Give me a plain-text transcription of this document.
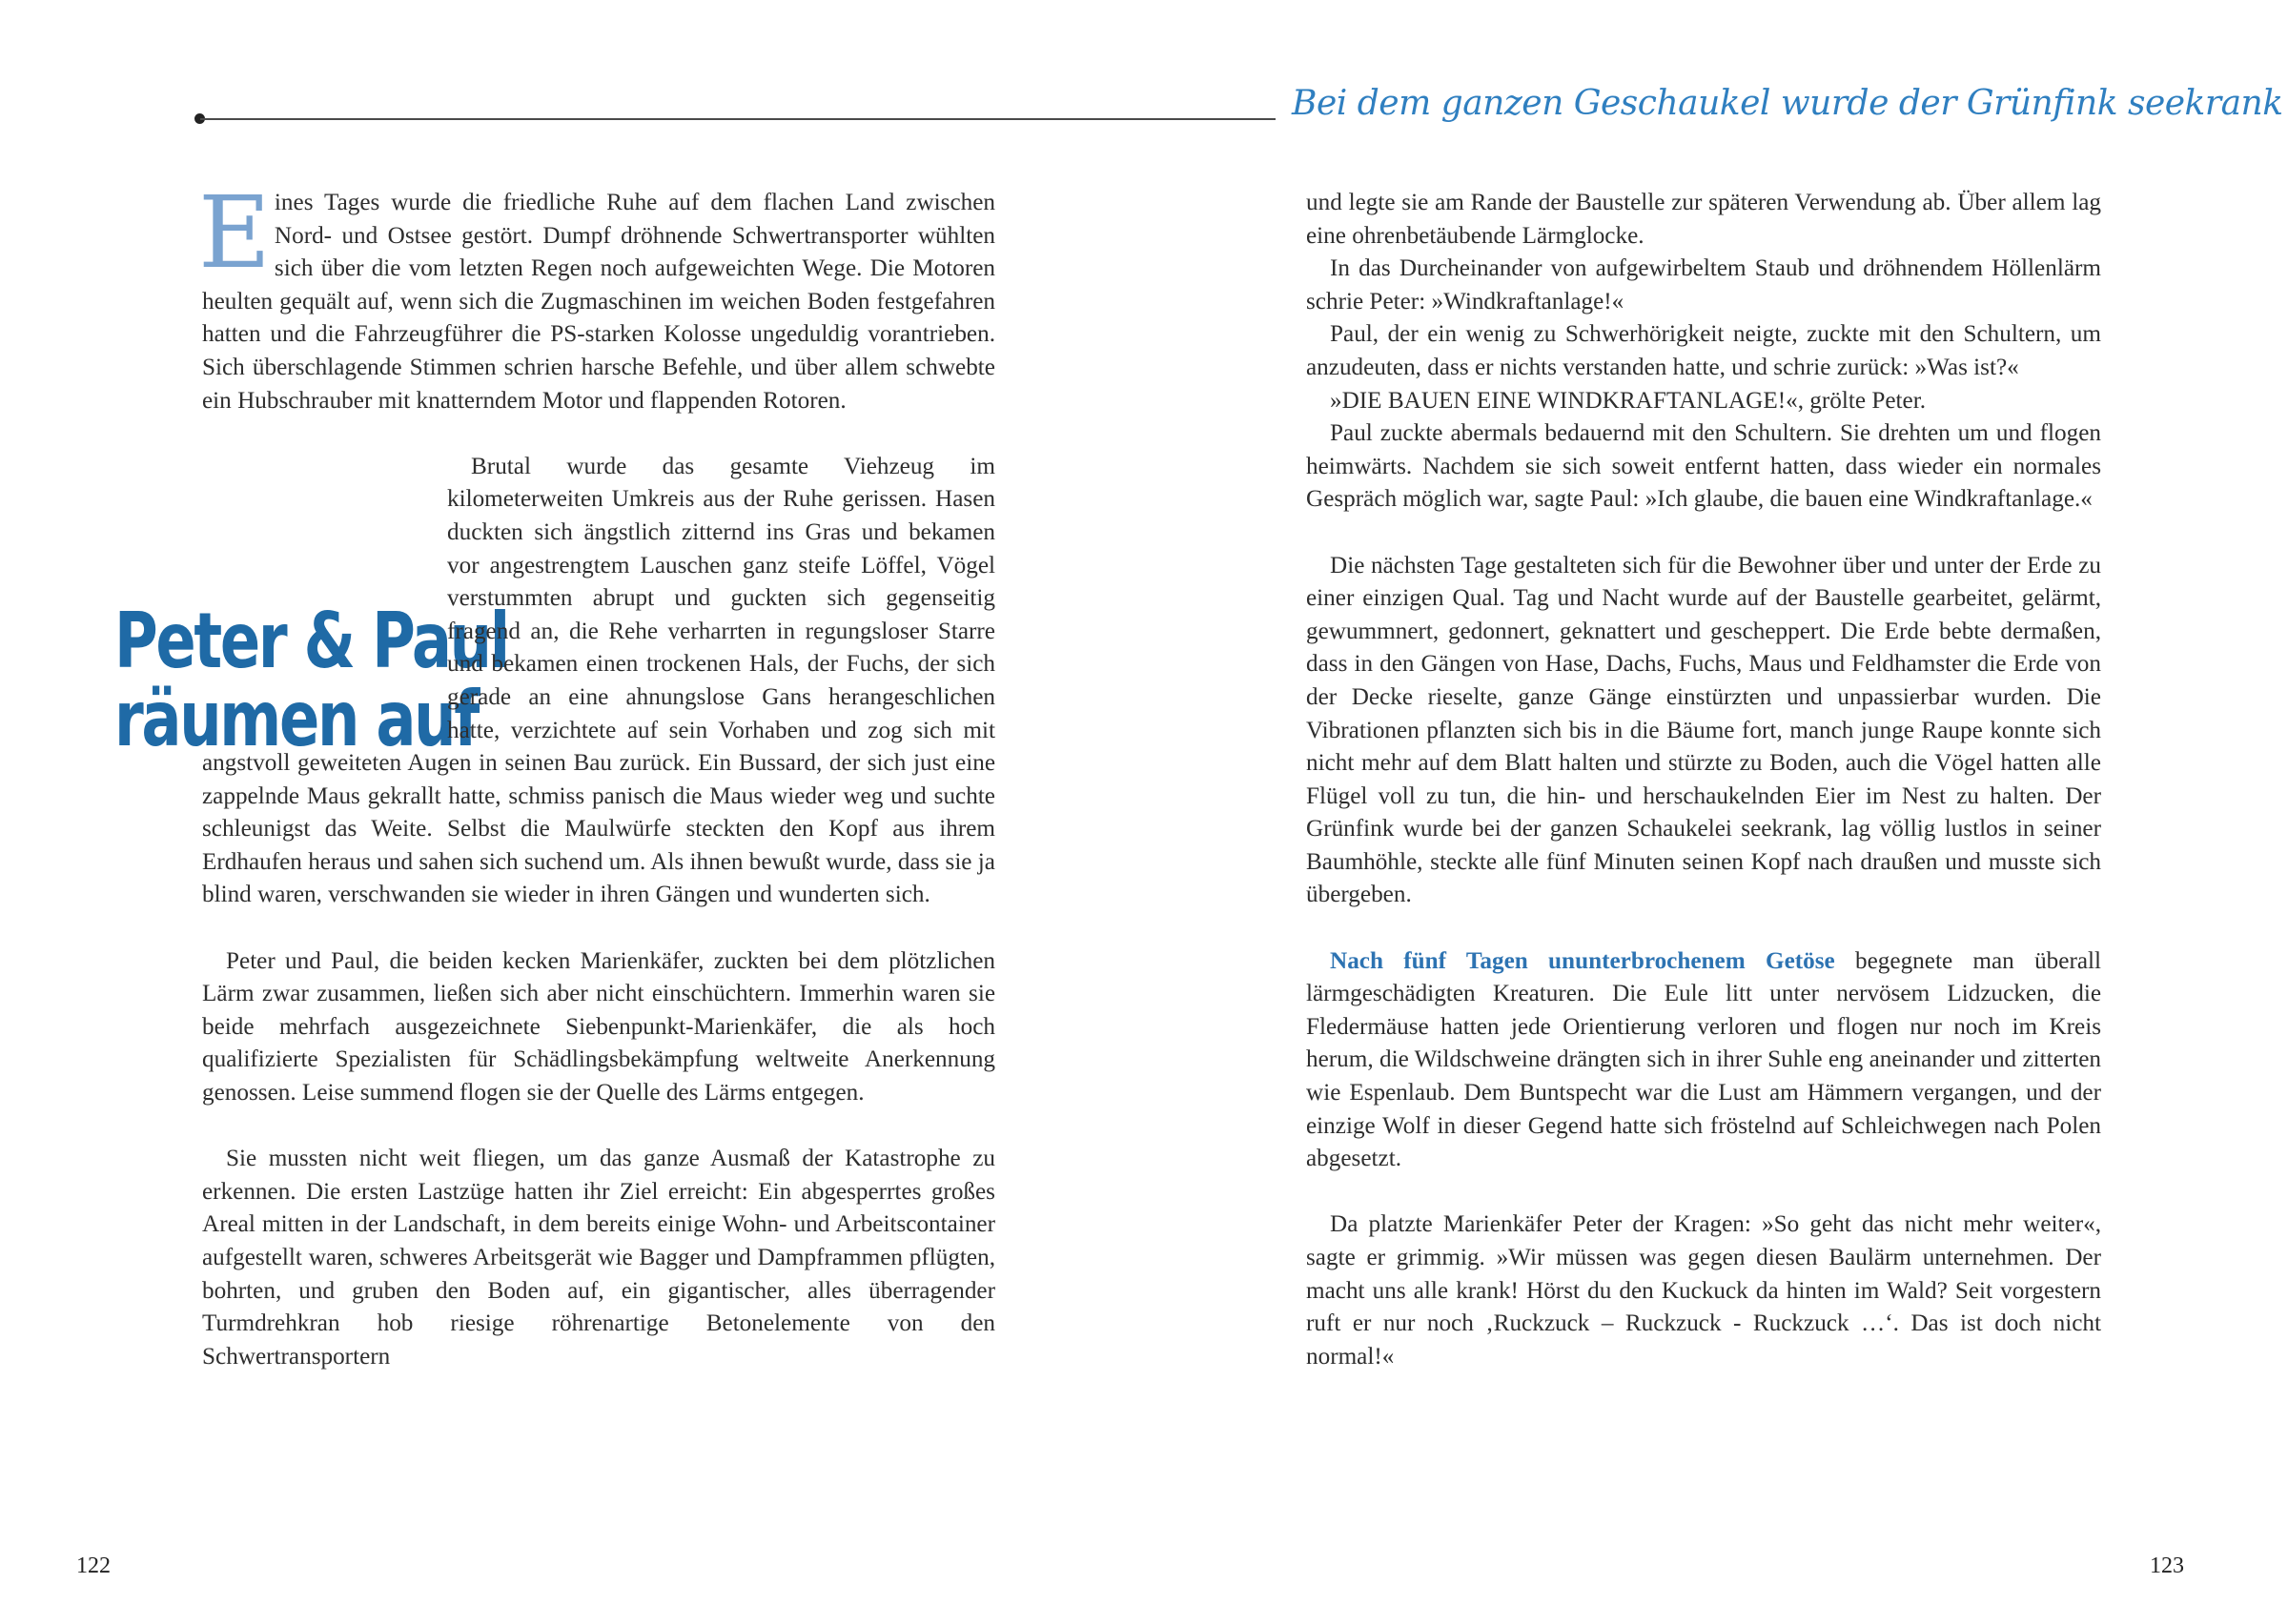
Bei dem ganzen Geschaukel wurde der Grünfink seekrank
Peter & Paul
räumen auf

Eines Tages wurde die friedliche Ruhe auf dem flachen Land zwischen Nord- und Ostsee gestört. Dumpf dröhnende Schwertransporter wühlten sich über die vom letzten Regen noch aufgeweichten Wege. Die Motoren heulten gequält auf, wenn sich die Zugmaschinen im weichen Boden festgefahren hatten und die Fahrzeugführer die PS-starken Kolosse ungeduldig vorantrieben. Sich überschlagende Stimmen schrien harsche Befehle, und über allem schwebte ein Hubschrauber mit knatterndem Motor und flappenden Rotoren.

Brutal wurde das gesamte Viehzeug im kilometerweiten Umkreis aus der Ruhe gerissen. Hasen duckten sich ängstlich zitternd ins Gras und bekamen vor angestrengtem Lauschen ganz steife Löffel, Vögel verstummten abrupt und guckten sich gegenseitig fragend an, die Rehe verharrten in regungsloser Starre und bekamen einen trockenen Hals, der Fuchs, der sich gerade an eine ahnungslose Gans herangeschlichen hatte, verzichtete auf sein Vorhaben und zog sich mit angstvoll geweiteten Augen in seinen Bau zurück. Ein Bussard, der sich just eine zappelnde Maus gekrallt hatte, schmiss panisch die Maus wieder weg und suchte schleunigst das Weite. Selbst die Maulwürfe steckten den Kopf aus ihrem Erdhaufen heraus und sahen sich suchend um. Als ihnen bewußt wurde, dass sie ja blind waren, verschwanden sie wieder in ihren Gängen und wunderten sich.

Peter und Paul, die beiden kecken Marienkäfer, zuckten bei dem plötzlichen Lärm zwar zusammen, ließen sich aber nicht einschüchtern. Immerhin waren sie beide mehrfach ausgezeichnete Siebenpunkt-Marienkäfer, die als hoch qualifizierte Spezialisten für Schädlingsbekämpfung weltweite Anerkennung genossen. Leise summend flogen sie der Quelle des Lärms entgegen.

Sie mussten nicht weit fliegen, um das ganze Ausmaß der Katastrophe zu erkennen. Die ersten Lastzüge hatten ihr Ziel erreicht: Ein abgesperrtes großes Areal mitten in der Landschaft, in dem bereits einige Wohn- und Arbeitscontainer aufgestellt waren, schweres Arbeitsgerät wie Bagger und Dampframmen pflügten, bohrten, und gruben den Boden auf, ein gigantischer, alles überragender Turmdrehkran hob riesige röhrenartige Betonelemente von den Schwertransportern

und legte sie am Rande der Baustelle zur späteren Verwendung ab. Über allem lag eine ohrenbetäubende Lärmglocke.

In das Durcheinander von aufgewirbeltem Staub und dröhnendem Höllenlärm schrie Peter: »Windkraftanlage!«

Paul, der ein wenig zu Schwerhörigkeit neigte, zuckte mit den Schultern, um anzudeuten, dass er nichts verstanden hatte, und schrie zurück: »Was ist?«

»DIE BAUEN EINE WINDKRAFTANLAGE!«, grölte Peter.

Paul zuckte abermals bedauernd mit den Schultern. Sie drehten um und flogen heimwärts. Nachdem sie sich soweit entfernt hatten, dass wieder ein normales Gespräch möglich war, sagte Paul: »Ich glaube, die bauen eine Windkraftanlage.«

Die nächsten Tage gestalteten sich für die Bewohner über und unter der Erde zu einer einzigen Qual. Tag und Nacht wurde auf der Baustelle gearbeitet, gelärmt, gewummnert, gedonnert, geknattert und gescheppert. Die Erde bebte dermaßen, dass in den Gängen von Hase, Dachs, Fuchs, Maus und Feldhamster die Erde von der Decke rieselte, ganze Gänge einstürzten und unpassierbar wurden. Die Vibrationen pflanzten sich bis in die Bäume fort, manch junge Raupe konnte sich nicht mehr auf dem Blatt halten und stürzte zu Boden, auch die Vögel hatten alle Flügel voll zu tun, die hin- und herschaukelnden Eier im Nest zu halten. Der Grünfink wurde bei der ganzen Schaukelei seekrank, lag völlig lustlos in seiner Baumhöhle, steckte alle fünf Minuten seinen Kopf nach draußen und musste sich übergeben.

Nach fünf Tagen ununterbrochenem Getöse begegnete man überall lärmgeschädigten Kreaturen. Die Eule litt unter nervösem Lidzucken, die Fledermäuse hatten jede Orientierung verloren und flogen nur noch im Kreis herum, die Wildschweine drängten sich in ihrer Suhle eng aneinander und zitterten wie Espenlaub. Dem Buntspecht war die Lust am Hämmern vergangen, und der einzige Wolf in dieser Gegend hatte sich fröstelnd auf Schleichwegen nach Polen abgesetzt.

Da platzte Marienkäfer Peter der Kragen: »So geht das nicht mehr weiter«, sagte er grimmig. »Wir müssen was gegen diesen Baulärm unternehmen. Der macht uns alle krank! Hörst du den Kuckuck da hinten im Wald? Seit vorgestern ruft er nur noch ‚Ruckzuck – Ruckzuck - Ruckzuck …‘. Das ist doch nicht normal!«

122	123
